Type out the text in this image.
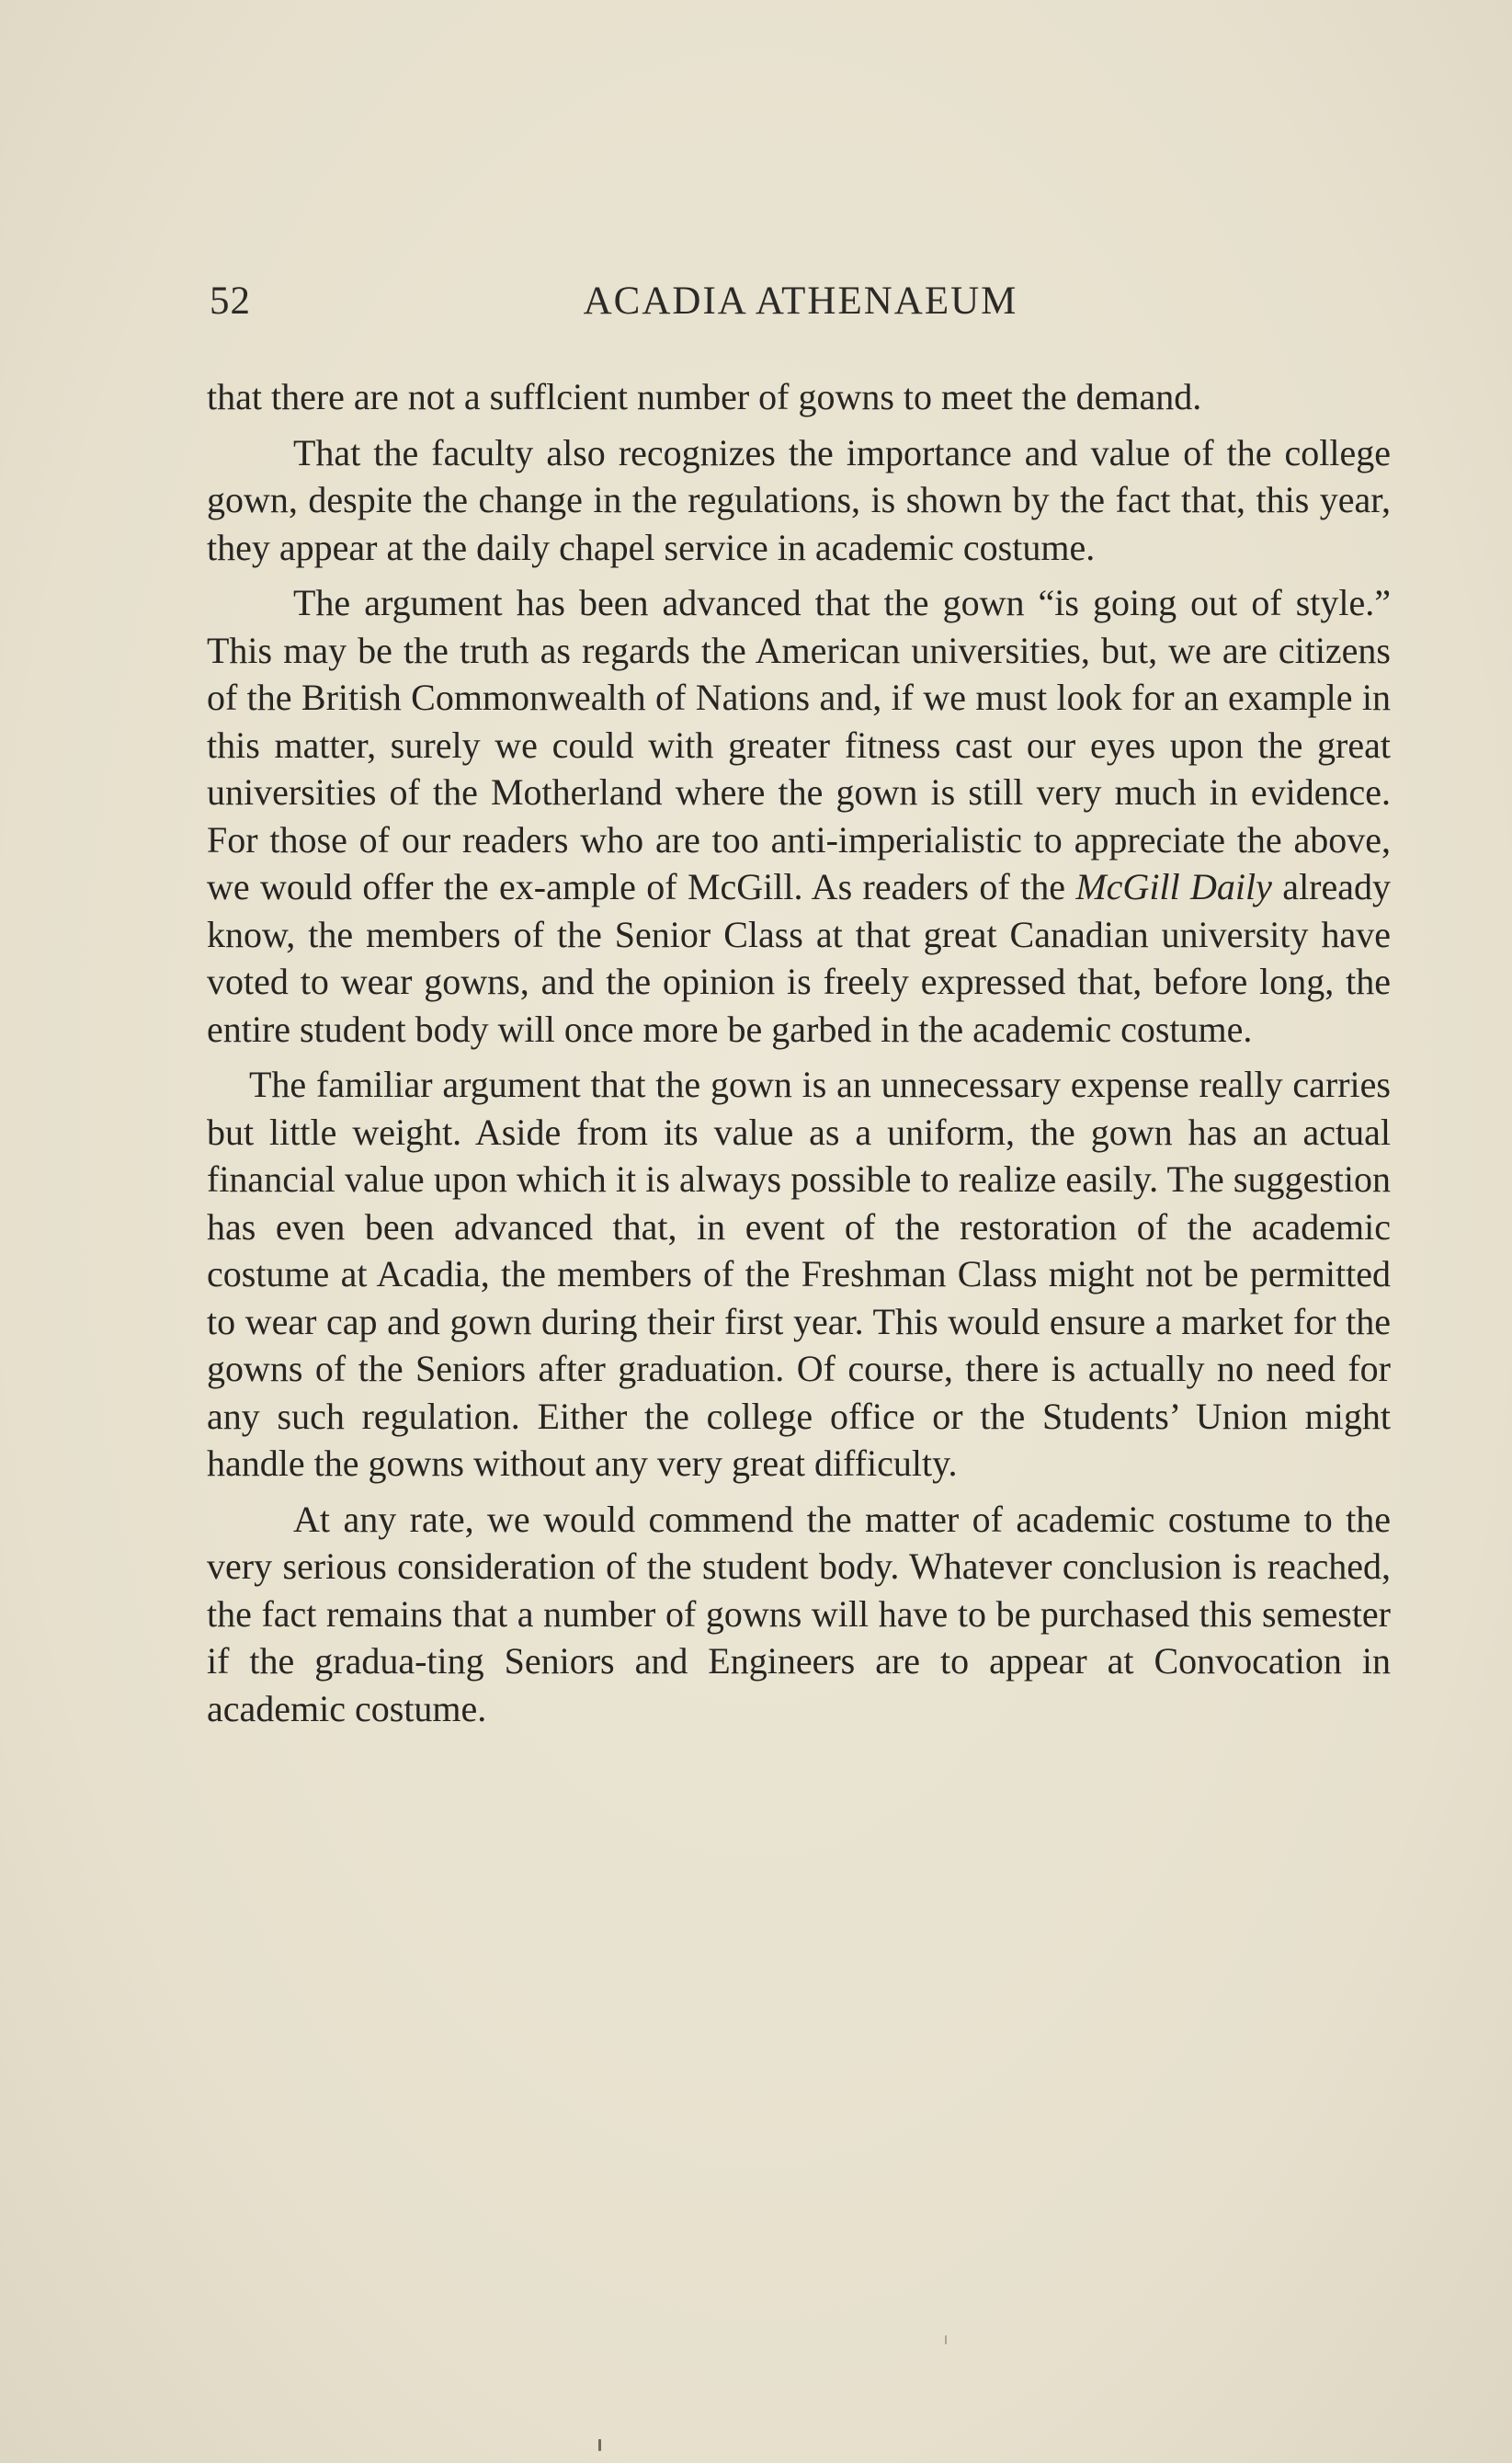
52	ACADIA ATHENAEUM

that there are not a sufflcient number of gowns to meet the demand.

That the faculty also recognizes the importance and value of the college gown, despite the change in the regulations, is shown by the fact that, this year, they appear at the daily chapel service in academic costume.

The argument has been advanced that the gown “is going out of style.” This may be the truth as regards the American universities, but, we are citizens of the British Commonwealth of Nations and, if we must look for an example in this matter, surely we could with greater fitness cast our eyes upon the great universities of the Motherland where the gown is still very much in evidence. For those of our readers who are too anti-imperialistic to appreciate the above, we would offer the ex-ample of McGill. As readers of the McGill Daily already know, the members of the Senior Class at that great Canadian university have voted to wear gowns, and the opinion is freely expressed that, before long, the entire student body will once more be garbed in the academic costume.

The familiar argument that the gown is an unnecessary expense really carries but little weight. Aside from its value as a uniform, the gown has an actual financial value upon which it is always possible to realize easily. The suggestion has even been advanced that, in event of the restoration of the academic costume at Acadia, the members of the Freshman Class might not be permitted to wear cap and gown during their first year. This would ensure a market for the gowns of the Seniors after graduation. Of course, there is actually no need for any such regulation. Either the college office or the Students’ Union might handle the gowns without any very great difficulty.

At any rate, we would commend the matter of academic costume to the very serious consideration of the student body. Whatever conclusion is reached, the fact remains that a number of gowns will have to be purchased this semester if the gradua-ting Seniors and Engineers are to appear at Convocation in academic costume.
